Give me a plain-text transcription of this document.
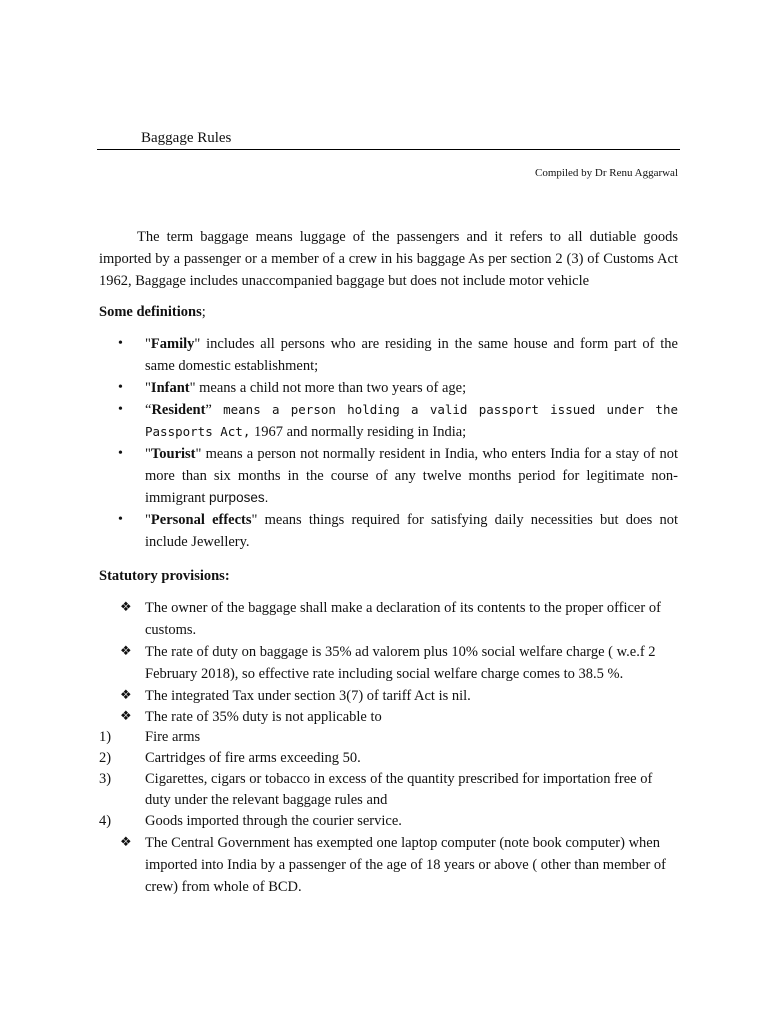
Baggage Rules
Compiled by Dr Renu Aggarwal

The term baggage means luggage of the passengers and it refers to all dutiable goods imported by a passenger or a member of a crew in his baggage As per section 2 (3) of Customs Act 1962, Baggage includes unaccompanied baggage but does not include motor vehicle

Some definitions;
• "Family" includes all persons who are residing in the same house and form part of the same domestic establishment;
• "Infant" means a child not more than two years of age;
• “Resident” means a person holding a valid passport issued under the Passports Act, 1967 and normally residing in India;
• "Tourist" means a person not normally resident in India, who enters India for a stay of not more than six months in the course of any twelve months period for legitimate non-immigrant purposes.
• "Personal effects" means things required for satisfying daily necessities but does not include Jewellery.
Statutory provisions:
❖ The owner of the baggage shall make a declaration of its contents to the proper officer of customs.
❖ The rate of duty on baggage is 35% ad valorem plus 10% social welfare charge ( w.e.f 2 February 2018), so effective rate including social welfare charge comes to 38.5 %.
❖ The integrated Tax under section 3(7) of tariff Act is nil.
❖ The rate of 35% duty is not applicable to
1) Fire arms
2) Cartridges of fire arms exceeding 50.
3) Cigarettes, cigars or tobacco in excess of the quantity prescribed for importation free of duty under the relevant baggage rules and
4) Goods imported through the courier service.
❖ The Central Government has exempted one laptop computer (note book computer) when imported into India by a passenger of the age of 18 years or above ( other than member of crew) from whole of BCD.
